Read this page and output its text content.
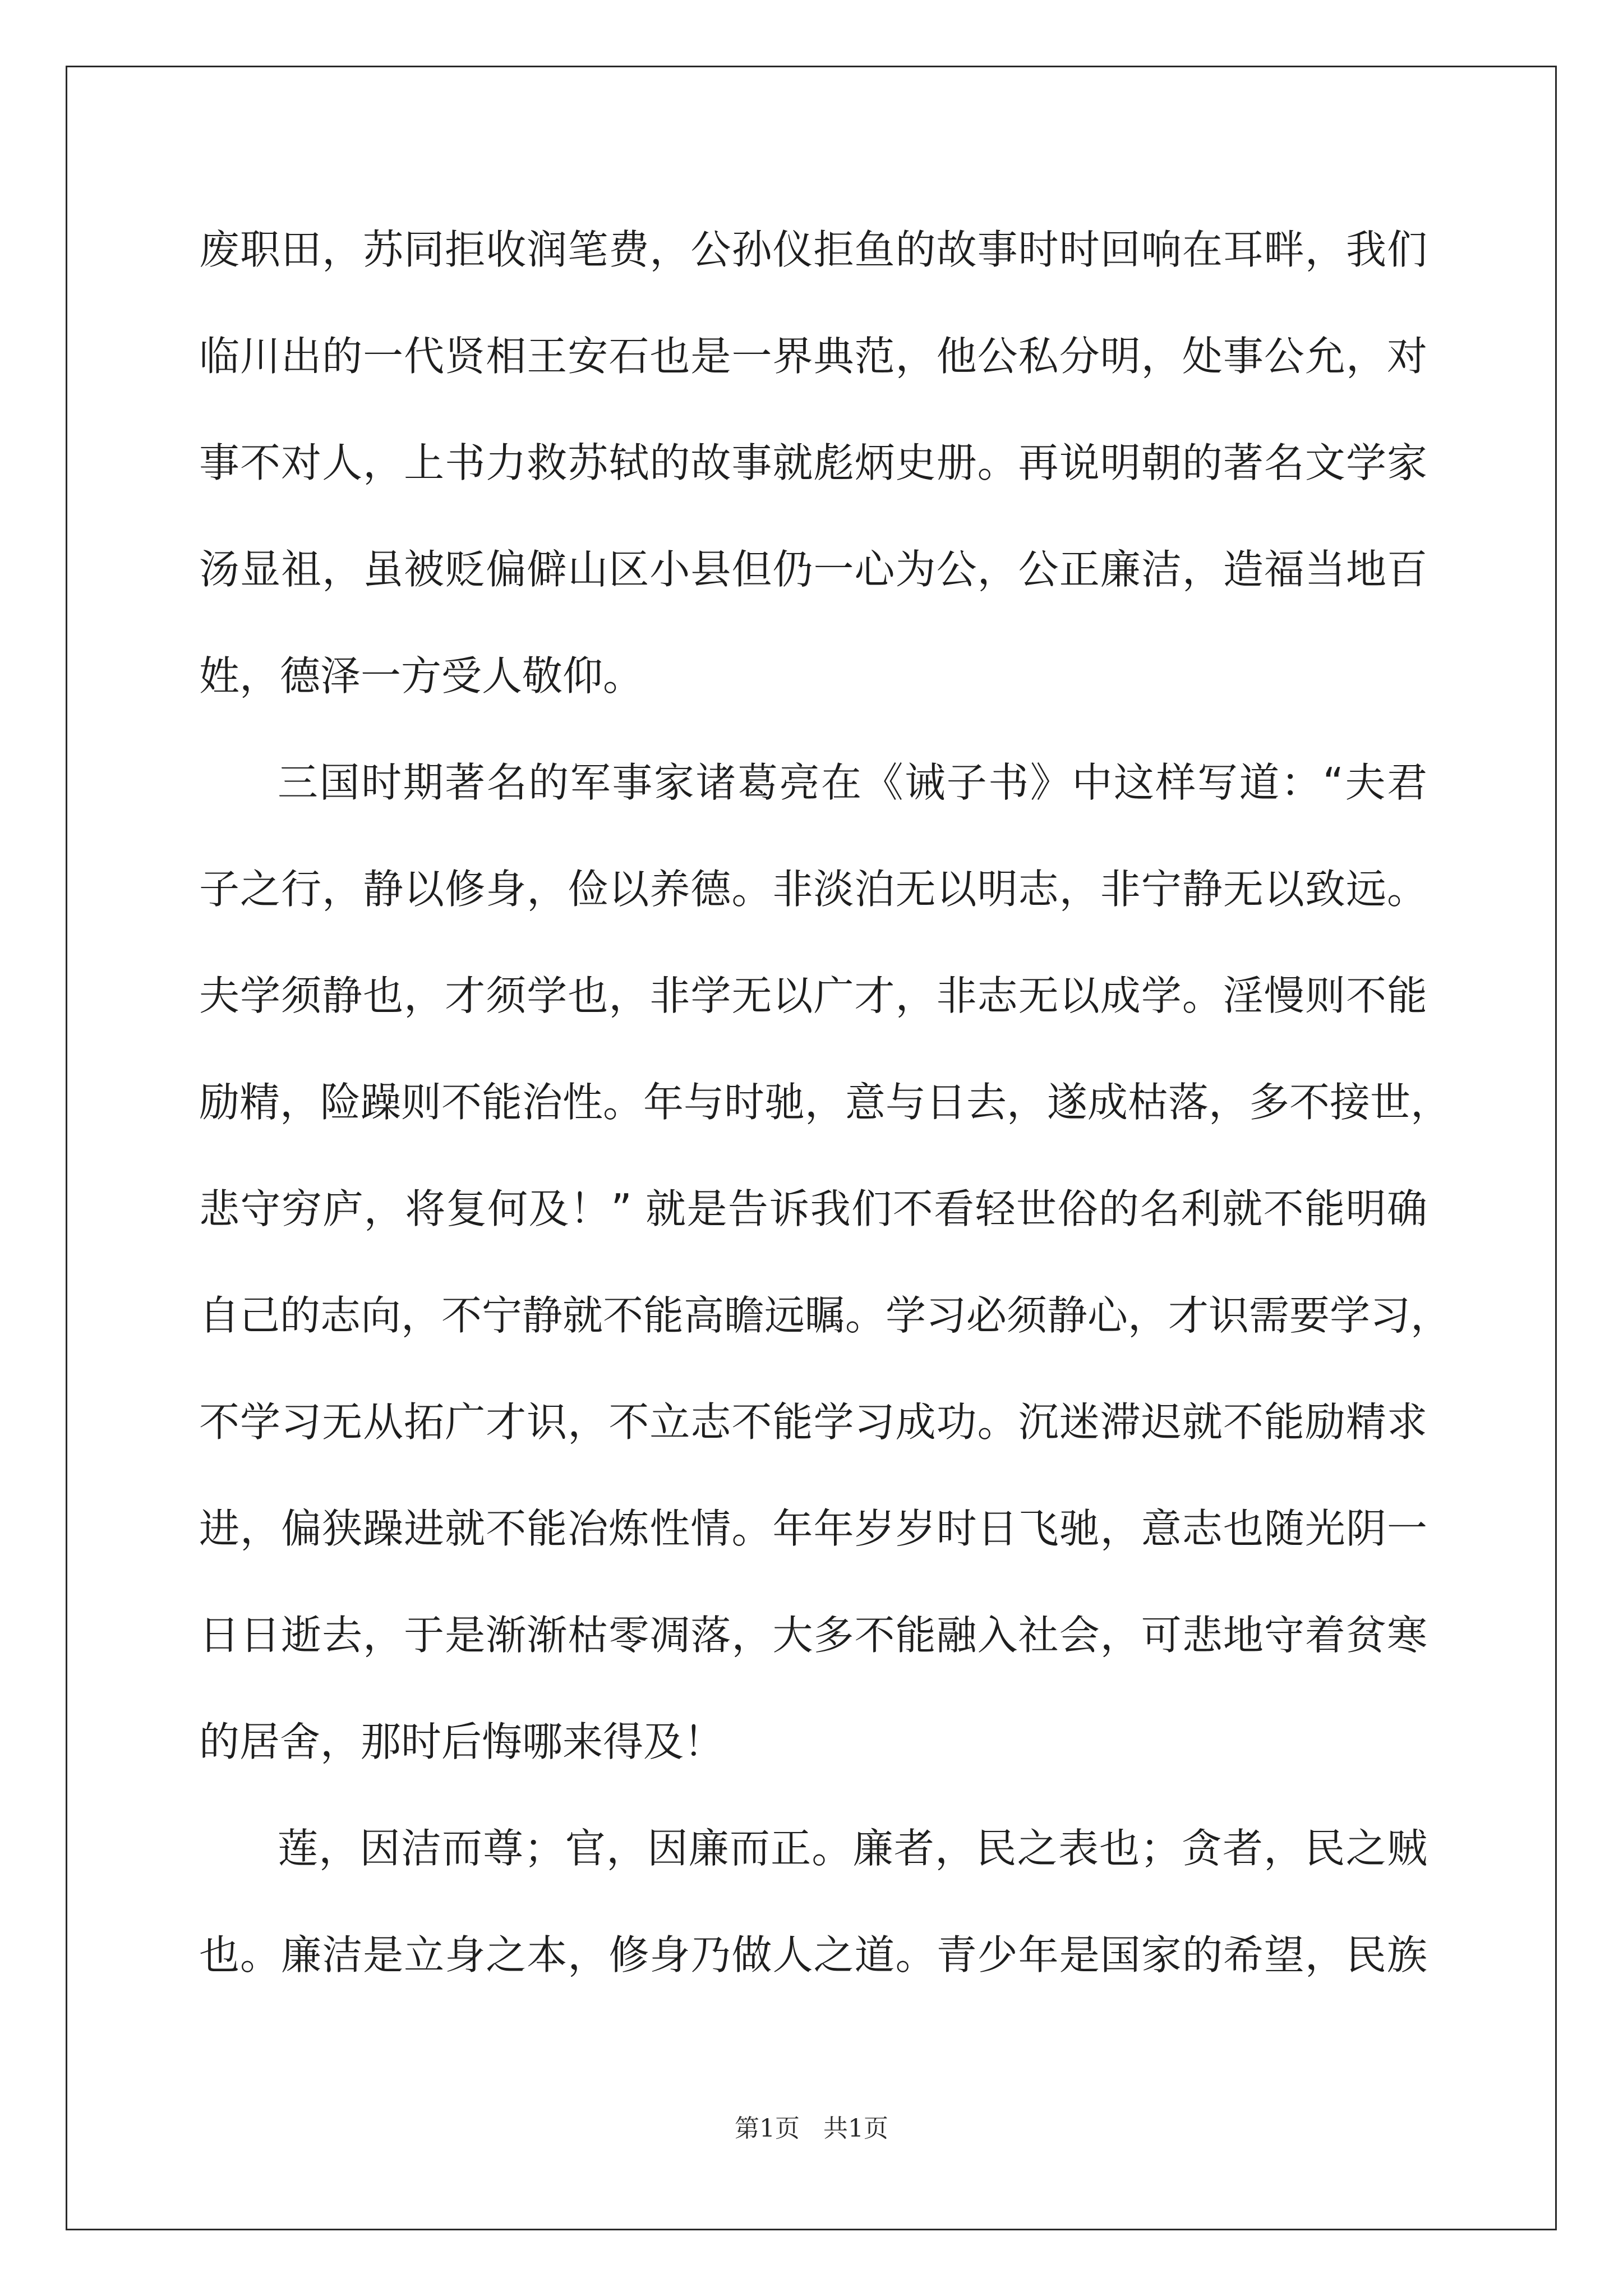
废职田，苏同拒收润笔费，公孙仪拒鱼的故事时时回响在耳畔，我们
临川出的一代贤相王安石也是一界典范，他公私分明，处事公允，对
事不对人，上书力救苏轼的故事就彪炳史册。再说明朝的著名文学家
汤显祖，虽被贬偏僻山区小县但仍一心为公，公正廉洁，造福当地百
姓，德泽一方受人敬仰。
三国时期著名的军事家诸葛亮在《诫子书》中这样写道：“夫君
子之行，静以修身，俭以养德。非淡泊无以明志，非宁静无以致远。
夫学须静也，才须学也，非学无以广才，非志无以成学。淫慢则不能
励精，险躁则不能治性。年与时驰，意与日去，遂成枯落，多不接世，
悲守穷庐，将复何及！” 就是告诉我们不看轻世俗的名利就不能明确
自己的志向，不宁静就不能高瞻远瞩。学习必须静心，才识需要学习，
不学习无从拓广才识，不立志不能学习成功。沉迷滞迟就不能励精求
进，偏狭躁进就不能冶炼性情。年年岁岁时日飞驰，意志也随光阴一
日日逝去，于是渐渐枯零凋落，大多不能融入社会，可悲地守着贫寒
的居舍，那时后悔哪来得及！
莲，因洁而尊；官，因廉而正。廉者，民之表也；贪者，民之贼
也。廉洁是立身之本，修身乃做人之道。青少年是国家的希望，民族
第1页   共1页
